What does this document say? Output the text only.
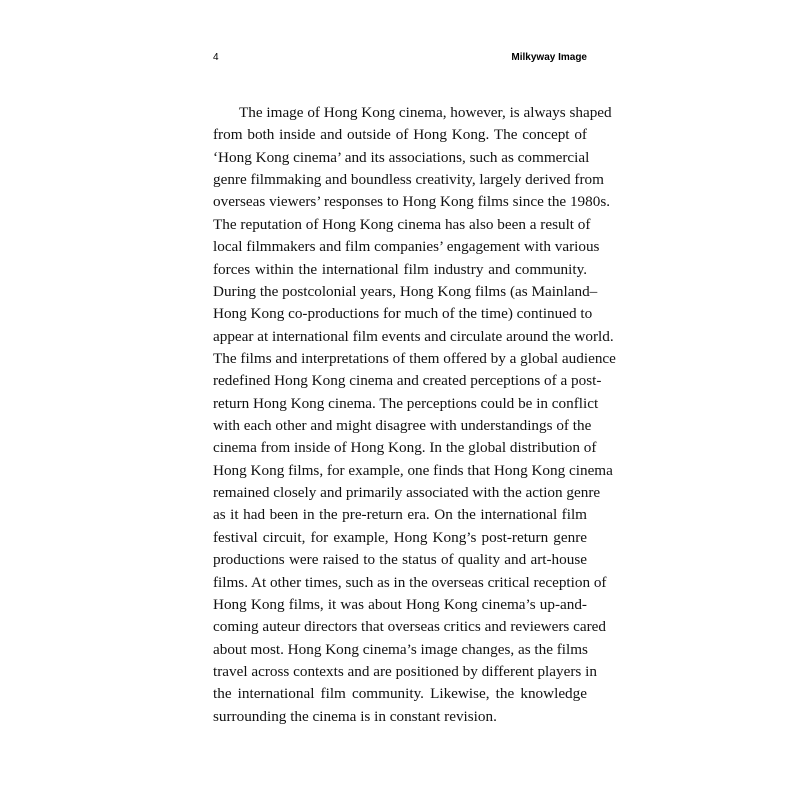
4	Milkyway Image

The image of Hong Kong cinema, however, is always shaped
from both inside and outside of Hong Kong. The concept of
‘Hong Kong cinema’ and its associations, such as commercial
genre filmmaking and boundless creativity, largely derived from
overseas viewers’ responses to Hong Kong films since the 1980s.
The reputation of Hong Kong cinema has also been a result of
local filmmakers and film companies’ engagement with various
forces within the international film industry and community.
During the postcolonial years, Hong Kong films (as Mainland–
Hong Kong co-productions for much of the time) continued to
appear at international film events and circulate around the world.
The films and interpretations of them offered by a global audience
redefined Hong Kong cinema and created perceptions of a post-
return Hong Kong cinema. The perceptions could be in conflict
with each other and might disagree with understandings of the
cinema from inside of Hong Kong. In the global distribution of
Hong Kong films, for example, one finds that Hong Kong cinema
remained closely and primarily associated with the action genre
as it had been in the pre-return era. On the international film
festival circuit, for example, Hong Kong’s post-return genre
productions were raised to the status of quality and art-house
films. At other times, such as in the overseas critical reception of
Hong Kong films, it was about Hong Kong cinema’s up-and-
coming auteur directors that overseas critics and reviewers cared
about most. Hong Kong cinema’s image changes, as the films
travel across contexts and are positioned by different players in
the international film community. Likewise, the knowledge
surrounding the cinema is in constant revision.
